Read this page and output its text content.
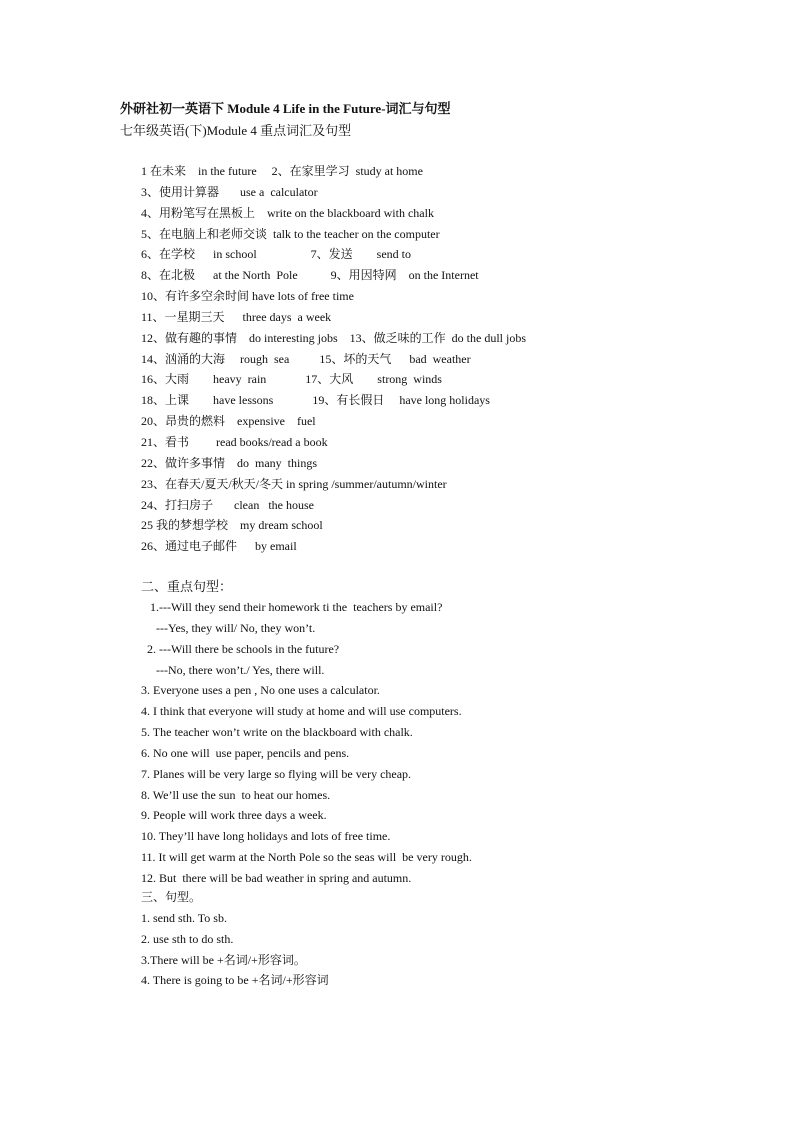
外研社初一英语下 Module 4 Life in the Future-词汇与句型
七年级英语(下)Module 4 重点词汇及句型
1 在未来    in the future     2、在家里学习  study at home
3、使用计算器       use a  calculator
4、用粉笔写在黑板上    write on the blackboard with chalk
5、在电脑上和老师交谈  talk to the teacher on the computer
6、在学校      in school                  7、发送        send to
8、在北极      at the North  Pole           9、用因特网    on the Internet
10、有许多空余时间 have lots of free time
11、一星期三天      three days  a week
12、做有趣的事情    do interesting jobs    13、做乏味的工作  do the dull jobs
14、汹涌的大海     rough  sea          15、坏的天气      bad  weather
16、大雨        heavy  rain             17、大风        strong  winds
18、上课        have lessons             19、有长假日     have long holidays
20、昂贵的燃料    expensive    fuel
21、看书         read books/read a book
22、做许多事情    do  many  things
23、在春天/夏天/秋天/冬天 in spring /summer/autumn/winter
24、打扫房子       clean   the house
25 我的梦想学校    my dream school
26、通过电子邮件      by email
二、重点句型：
1.---Will they send their homework ti the  teachers by email?
---Yes, they will/ No, they won’t.
2. ---Will there be schools in the future?
---No, there won’t./ Yes, there will.
3. Everyone uses a pen , No one uses a calculator.
4. I think that everyone will study at home and will use computers.
5. The teacher won’t write on the blackboard with chalk.
6. No one will  use paper, pencils and pens.
7. Planes will be very large so flying will be very cheap.
8. We’ll use the sun  to heat our homes.
9. People will work three days a week.
10. They’ll have long holidays and lots of free time.
11. It will get warm at the North Pole so the seas will  be very rough.
12. But  there will be bad weather in spring and autumn.
三、句型。
1. send sth. To sb.
2. use sth to do sth.
3.There will be +名词/+形容词。
4. There is going to be +名词/+形容词
